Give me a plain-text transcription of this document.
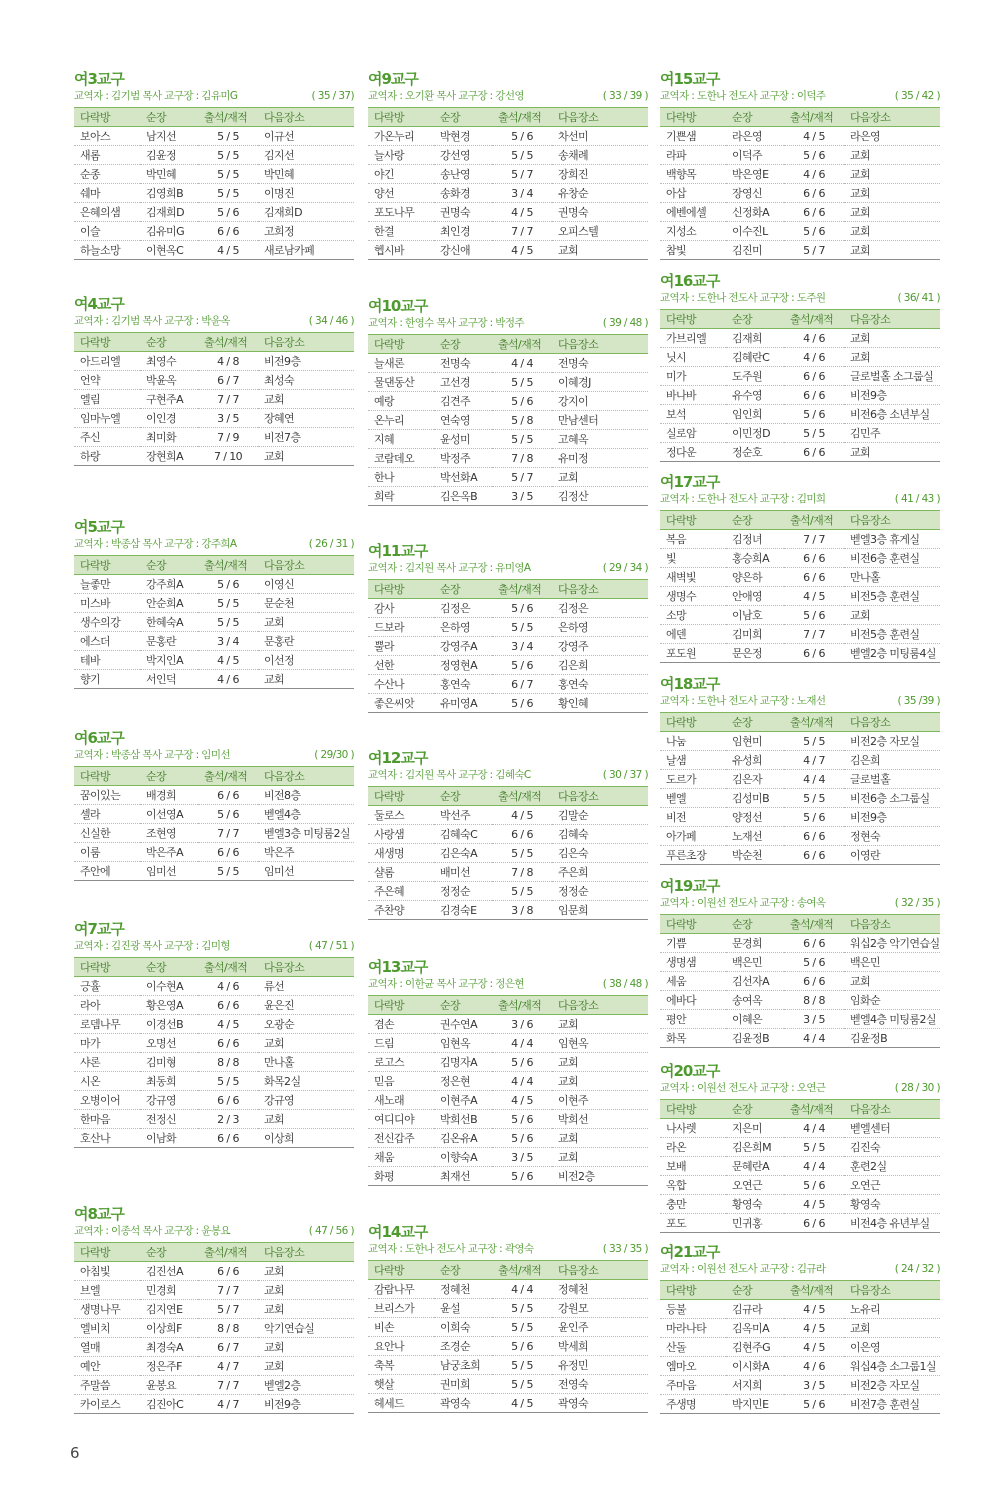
여3교구
교역자 : 김기범 목사 교구장 : 김유미G	( 35 / 37)
다락방	순장	출석/재적	다음장소
보아스	남지선	5 / 5	이규선
새롬	김윤정	5 / 5	김지선
순종	박민혜	5 / 5	박민혜
쉐마	김영희B	5 / 5	이명진
은혜의샘	김재희D	5 / 6	김재희D
이슬	김유미G	6 / 6	고희정
하늘소망	이현옥C	4 / 5	새로남카페
여4교구
교역자 : 김기범 목사 교구장 : 박윤옥	( 34 / 46 )
다락방	순장	출석/재적	다음장소
아드리엘	최영수	4 / 8	비전9층
언약	박윤옥	6 / 7	최성숙
엘림	구현주A	7 / 7	교회
임마누엘	이인경	3 / 5	장혜연
주신	최미화	7 / 9	비전7층
하랑	장현희A	7 / 10	교회
여5교구
교역자 : 박종삼 목사 교구장 : 강주희A	( 26 / 31 )
다락방	순장	출석/재적	다음장소
늘좋만	강주희A	5 / 6	이영신
미스바	안순희A	5 / 5	문순천
생수의강	한혜숙A	5 / 5	교회
에스더	문홍란	3 / 4	문홍란
테바	박지인A	4 / 5	이선정
향기	서인덕	4 / 6	교회
여6교구
교역자 : 박종삼 목사 교구장 : 임미선	( 29/30 )
다락방	순장	출석/재적	다음장소
꿈이있는	배경희	6 / 6	비전8층
셀라	이선영A	5 / 6	벧엘4층
신실한	조현영	7 / 7	벧엘3층 미팅룸2실
이룸	박은주A	6 / 6	박은주
주안에	임미선	5 / 5	임미선
여7교구
교역자 : 김진광 목사 교구장 : 김미형	( 47 / 51 )
다락방	순장	출석/재적	다음장소
긍휼	이수현A	4 / 6	류선
라아	황은영A	6 / 6	윤은진
로뎀나무	이경선B	4 / 5	오광순
마가	오명선	6 / 6	교회
샤론	김미형	8 / 8	만나홀
시온	최동희	5 / 5	화목2실
오병이어	강규영	6 / 6	강규영
한마음	전정신	2 / 3	교회
호산나	이남화	6 / 6	이상희
여8교구
교역자 : 이종석 목사 교구장 : 윤봉요	( 47 / 56 )
다락방	순장	출석/재적	다음장소
아침빛	김진선A	6 / 6	교회
브엘	민경희	7 / 7	교회
생명나무	김지연E	5 / 7	교회
엘비치	이상희F	8 / 8	악기연습실
열매	최경숙A	6 / 7	교회
예안	정은주F	4 / 7	교회
주말씀	윤봉요	7 / 7	벧엘2층
카이로스	김진아C	4 / 7	비전9층
여9교구
교역자 : 오기환 목사 교구장 : 강선영	( 33 / 39 )
다락방	순장	출석/재적	다음장소
가온누리	박현경	5 / 6	차선미
늘사랑	강선영	5 / 5	송채례
야긴	송난영	5 / 7	장희진
양선	송화경	3 / 4	유창순
포도나무	권명숙	4 / 5	권명숙
한결	최인경	7 / 7	오피스텔
헵시바	강신애	4 / 5	교회
여10교구
교역자 : 한영수 목사 교구장 : 박정주	( 39 / 48 )
다락방	순장	출석/재적	다음장소
늘새론	전명숙	4 / 4	전명숙
물댄동산	고선경	5 / 5	이혜경J
예랑	김견주	5 / 6	강지이
온누리	연숙영	5 / 8	만남센터
지혜	윤성미	5 / 5	고혜옥
코람데오	박정주	7 / 8	유미정
한나	박선화A	5 / 7	교회
희락	김은옥B	3 / 5	김정산
여11교구
교역자 : 김지원 목사 교구장 : 유미영A	( 29 / 34 )
다락방	순장	출석/재적	다음장소
감사	김정은	5 / 6	김정은
드보라	은하영	5 / 5	은하영
뿔라	강영주A	3 / 4	강영주
선한	정영현A	5 / 6	김은희
수산나	홍연숙	6 / 7	홍연숙
좋은씨앗	유미영A	5 / 6	황인혜
여12교구
교역자 : 김지원 목사 교구장 : 김혜숙C	( 30 / 37 )
다락방	순장	출석/재적	다음장소
둘로스	박선주	4 / 5	김말순
사랑샘	김혜숙C	6 / 6	김혜숙
새생명	김은숙A	5 / 5	김은숙
샬롬	배미선	7 / 8	주은희
주은혜	정정순	5 / 5	정정순
주찬양	김경숙E	3 / 8	임문희
여13교구
교역자 : 이한균 목사 교구장 : 정은현	( 38 / 48 )
다락방	순장	출석/재적	다음장소
겸손	권수연A	3 / 6	교회
드림	임현옥	4 / 4	임현옥
로고스	김명자A	5 / 6	교회
믿음	정은현	4 / 4	교회
새노래	이현주A	4 / 5	이현주
여디디야	박희선B	5 / 6	박희선
전신갑주	김온유A	5 / 6	교회
채움	이향숙A	3 / 5	교회
화평	최재선	5 / 6	비전2층
여14교구
교역자 : 도한나 전도사 교구장 : 곽영숙	( 33 / 35 )
다락방	순장	출석/재적	다음장소
감람나무	정혜천	4 / 4	정혜천
브리스가	윤설	5 / 5	강원모
비손	이희숙	5 / 5	윤인주
요안나	조경순	5 / 6	박세희
축복	남궁초희	5 / 5	유정민
햇살	권미희	5 / 5	전영숙
헤세드	곽영숙	4 / 5	곽영숙
여15교구
교역자 : 도한나 전도사 교구장 : 이덕주	( 35 / 42 )
다락방	순장	출석/재적	다음장소
기쁜샘	라은영	4 / 5	라은영
라파	이덕주	5 / 6	교회
백향목	박은영E	4 / 6	교회
아삽	장영신	6 / 6	교회
에벤에셀	신정화A	6 / 6	교회
지성소	이수진L	5 / 6	교회
참빛	김진미	5 / 7	교회
여16교구
교역자 : 도한나 전도사 교구장 : 도주원	( 36/ 41 )
다락방	순장	출석/재적	다음장소
가브리엘	김재희	4 / 6	교회
닛시	김혜란C	4 / 6	교회
미가	도주원	6 / 6	글로벌홀 소그룹실
바나바	유수영	6 / 6	비전9층
보석	임인희	5 / 6	비전6층 소년부실
실로암	이민정D	5 / 5	김민주
정다운	정순호	6 / 6	교회
여17교구
교역자 : 도한나 전도사 교구장 : 김미희	( 41 / 43 )
다락방	순장	출석/재적	다음장소
복음	김정녀	7 / 7	벧엘3층 휴게실
빛	홍승희A	6 / 6	비전6층 훈련실
새벽빛	양은하	6 / 6	만나홀
생명수	안애영	4 / 5	비전5층 훈련실
소망	이남호	5 / 6	교회
에덴	김미희	7 / 7	비전5층 훈련실
포도원	문은정	6 / 6	벧엘2층 미팅룸4실
여18교구
교역자 : 도한나 전도사 교구장 : 노재선	( 35 /39 )
다락방	순장	출석/재적	다음장소
나눔	임현미	5 / 5	비전2층 자모실
날샘	유성희	4 / 7	김은희
도르가	김은자	4 / 4	글로벌홀
벧엘	김성미B	5 / 5	비전6층 소그룹실
비전	양정선	5 / 6	비전9층
아가페	노재선	6 / 6	정현숙
푸른초장	박순천	6 / 6	이영란
여19교구
교역자 : 이원선 전도사 교구장 : 송여옥	( 32 / 35 )
다락방	순장	출석/재적	다음장소
기쁨	문경희	6 / 6	워십2층 악기연습실
생명샘	백은민	5 / 6	백은민
세움	김선자A	6 / 6	교회
에바다	송여옥	8 / 8	임화순
평안	이혜은	3 / 5	벧엘4층 미팅룸2실
화목	김윤정B	4 / 4	김윤정B
여20교구
교역자 : 이원선 전도사 교구장 : 오연근	( 28 / 30 )
다락방	순장	출석/재적	다음장소
나사렛	지은미	4 / 4	벧엘센터
라온	김은희M	5 / 5	김진숙
보배	문혜란A	4 / 4	훈련2실
옥합	오연근	5 / 6	오연근
충만	황영숙	4 / 5	황영숙
포도	민귀홍	6 / 6	비전4층 유년부실
여21교구
교역자 : 이원선 전도사 교구장 : 김규라	( 24 / 32 )
다락방	순장	출석/재적	다음장소
등불	김규라	4 / 5	노유리
마라나타	김옥미A	4 / 5	교회
산돌	김현주G	4 / 5	이은영
엠마오	이시화A	4 / 6	워십4층 소그룹1실
주마음	서지희	3 / 5	비전2층 자모실
주생명	박지민E	5 / 6	비전7층 훈련실
6
